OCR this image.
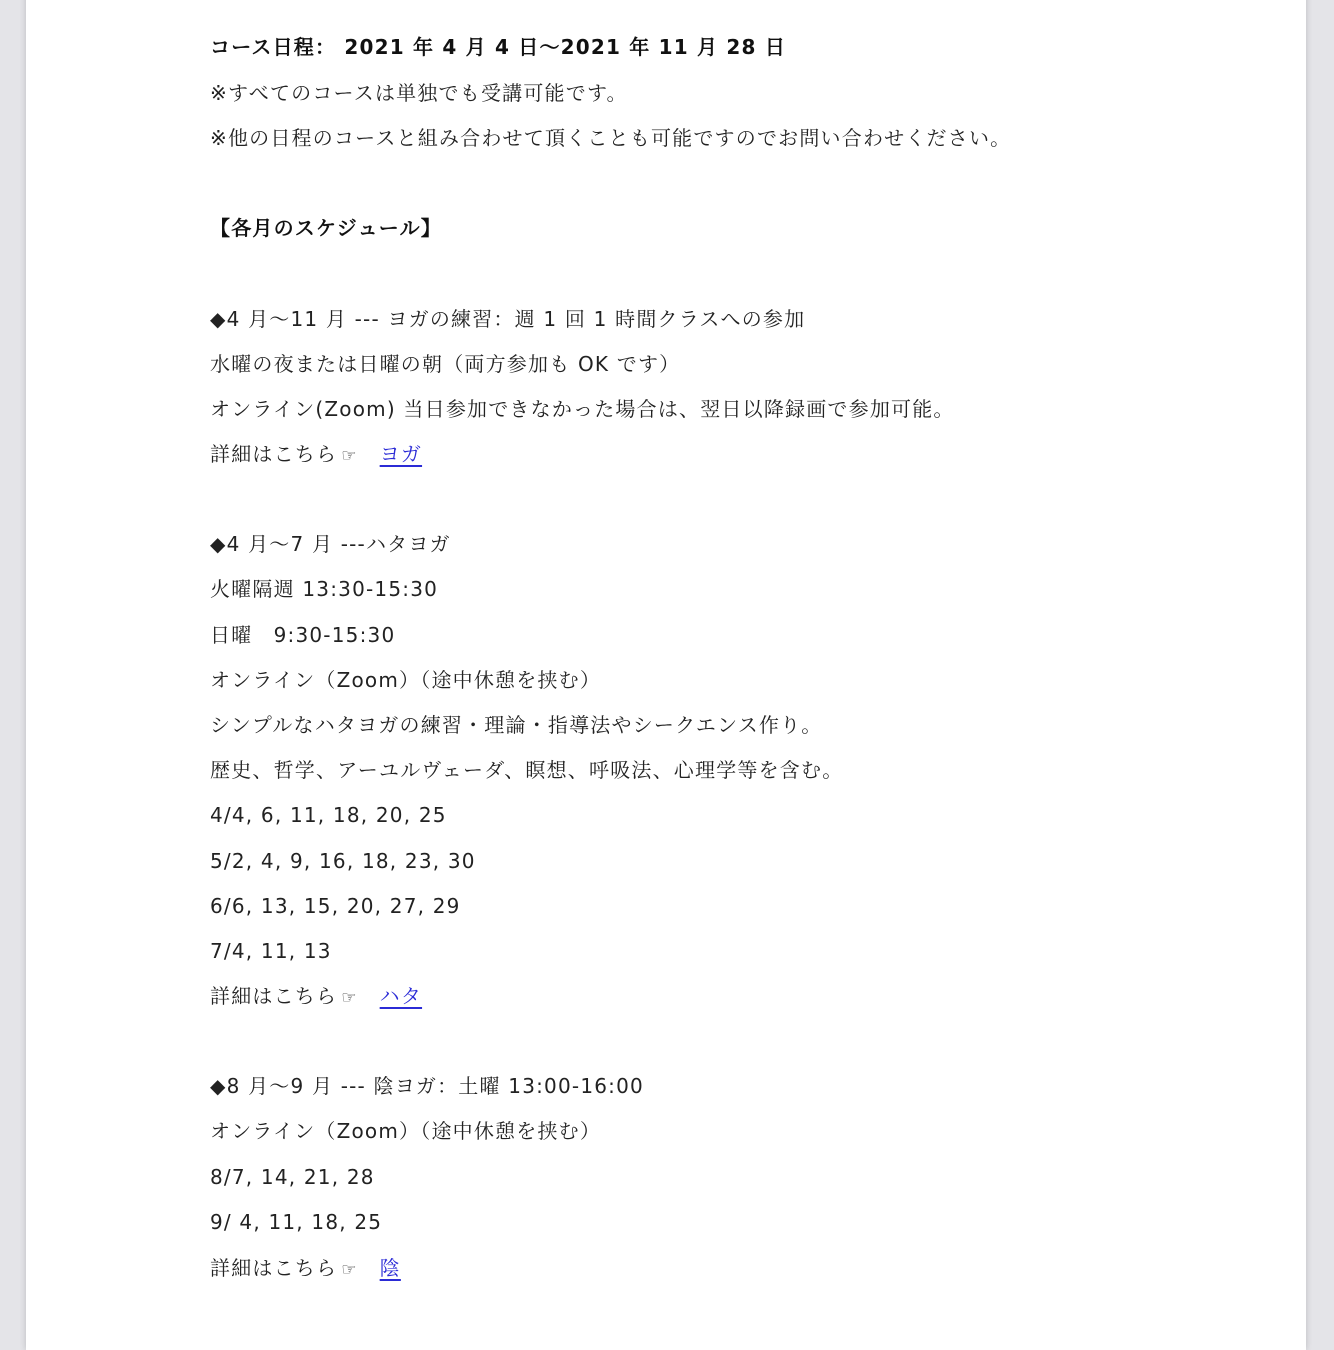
コース日程： 2021 年 4 月 4 日～2021 年 11 月 28 日
※すべてのコースは単独でも受講可能です。
※他の日程のコースと組み合わせて頂くことも可能ですのでお問い合わせください。
【各月のスケジュール】
◆4 月～11 月 --- ヨガの練習：週 1 回 1 時間クラスへの参加
水曜の夜または日曜の朝（両方参加も OK です）
オンライン(Zoom) 当日参加できなかった場合は、翌日以降録画で参加可能。
詳細はこちら ☞ ヨガ
◆4 月～7 月 ---ハタヨガ
火曜隔週 13:30-15:30
日曜　9:30-15:30
オンライン（Zoom）（途中休憩を挟む）
シンプルなハタヨガの練習・理論・指導法やシークエンス作り。
歴史、哲学、アーユルヴェーダ、瞑想、呼吸法、心理学等を含む。
4/4, 6, 11, 18, 20, 25
5/2, 4, 9, 16, 18, 23, 30
6/6, 13, 15, 20, 27, 29
7/4, 11, 13
詳細はこちら ☞ ハタ
◆8 月～9 月 --- 陰ヨガ：土曜 13:00-16:00
オンライン（Zoom）（途中休憩を挟む）
8/7, 14, 21, 28
9/ 4, 11, 18, 25
詳細はこちら ☞ 陰
